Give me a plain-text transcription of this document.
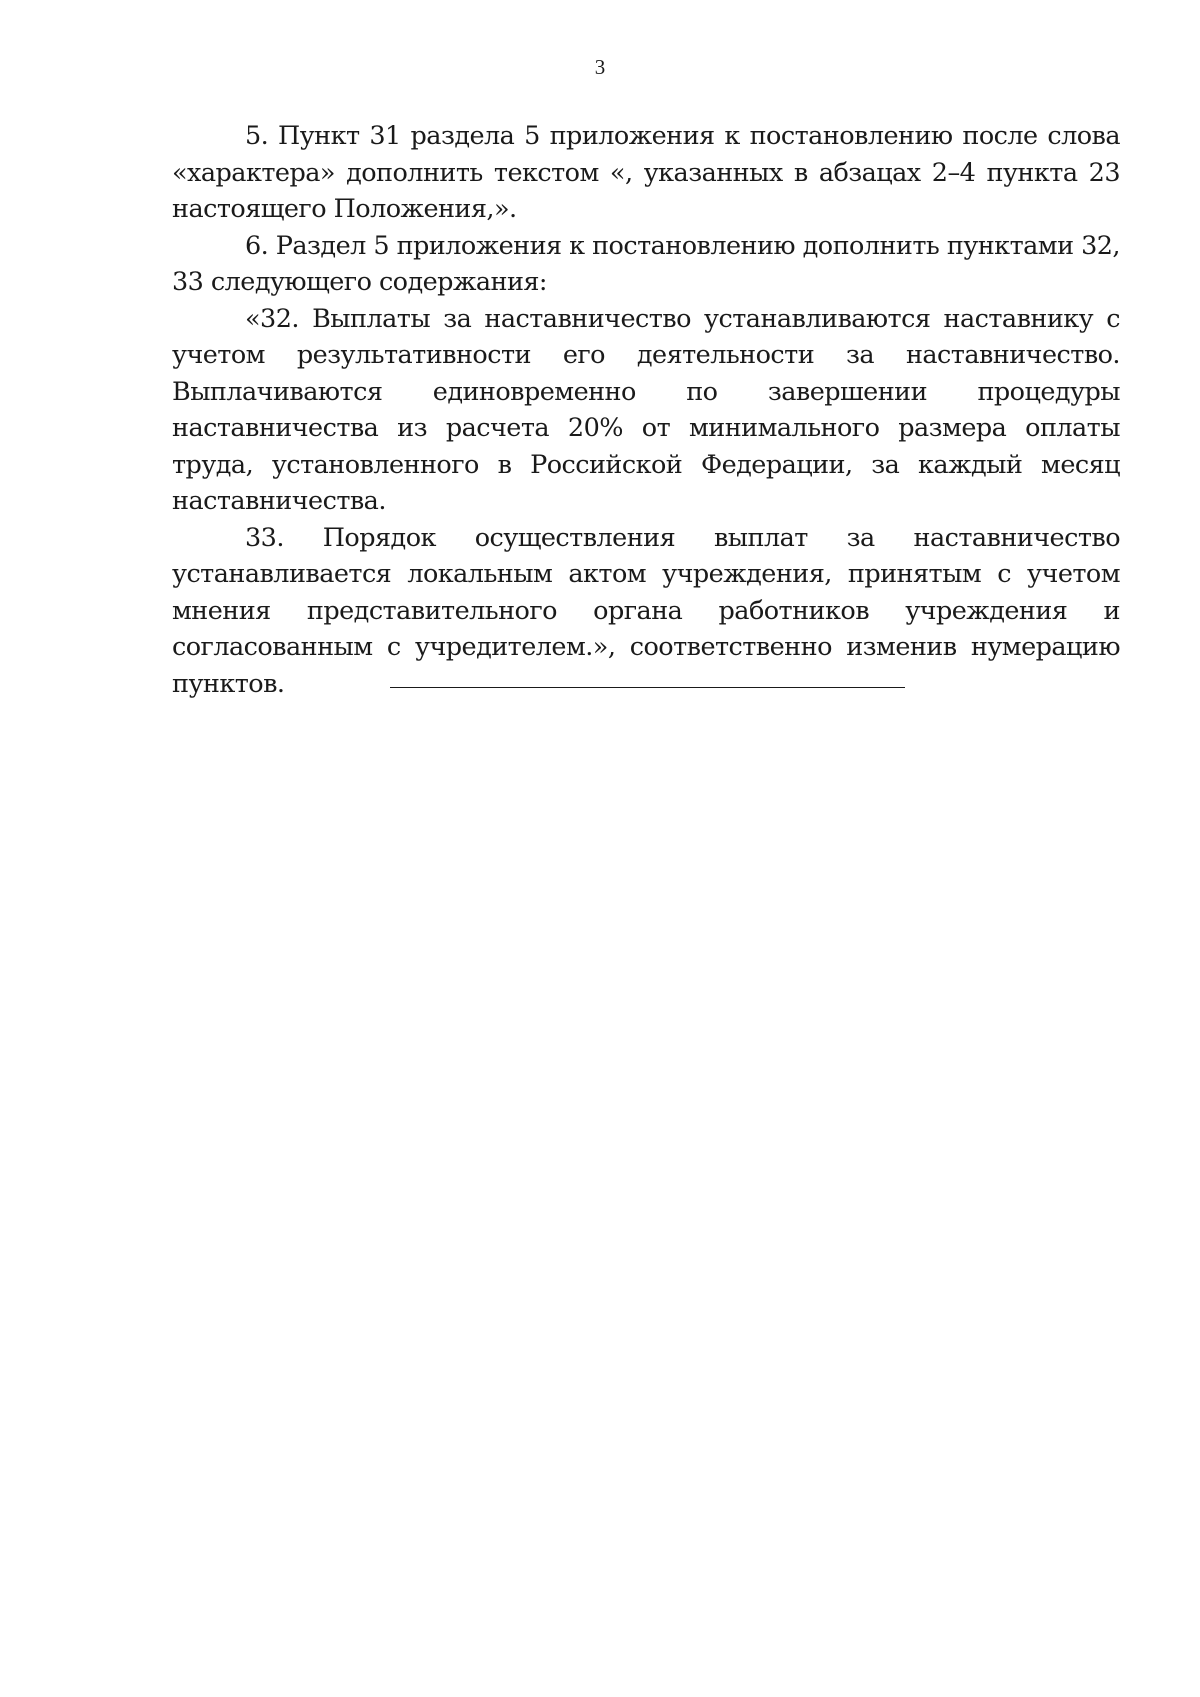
3

5. Пункт 31 раздела 5 приложения к постановлению после слова «характера» дополнить текстом «, указанных в абзацах 2–4 пункта 23 настоящего Положения,».

6. Раздел 5 приложения к постановлению дополнить пунктами 32, 33 следующего содержания:

«32. Выплаты за наставничество устанавливаются наставнику с учетом результативности его деятельности за наставничество. Выплачиваются единовременно по завершении процедуры наставничества из расчета 20% от минимального размера оплаты труда, установленного в Российской Федерации, за каждый месяц наставничества.

33. Порядок осуществления выплат за наставничество устанавливается локальным актом учреждения, принятым с учетом мнения представительного органа работников учреждения и согласованным с учредителем.», соответственно изменив нумерацию пунктов.
